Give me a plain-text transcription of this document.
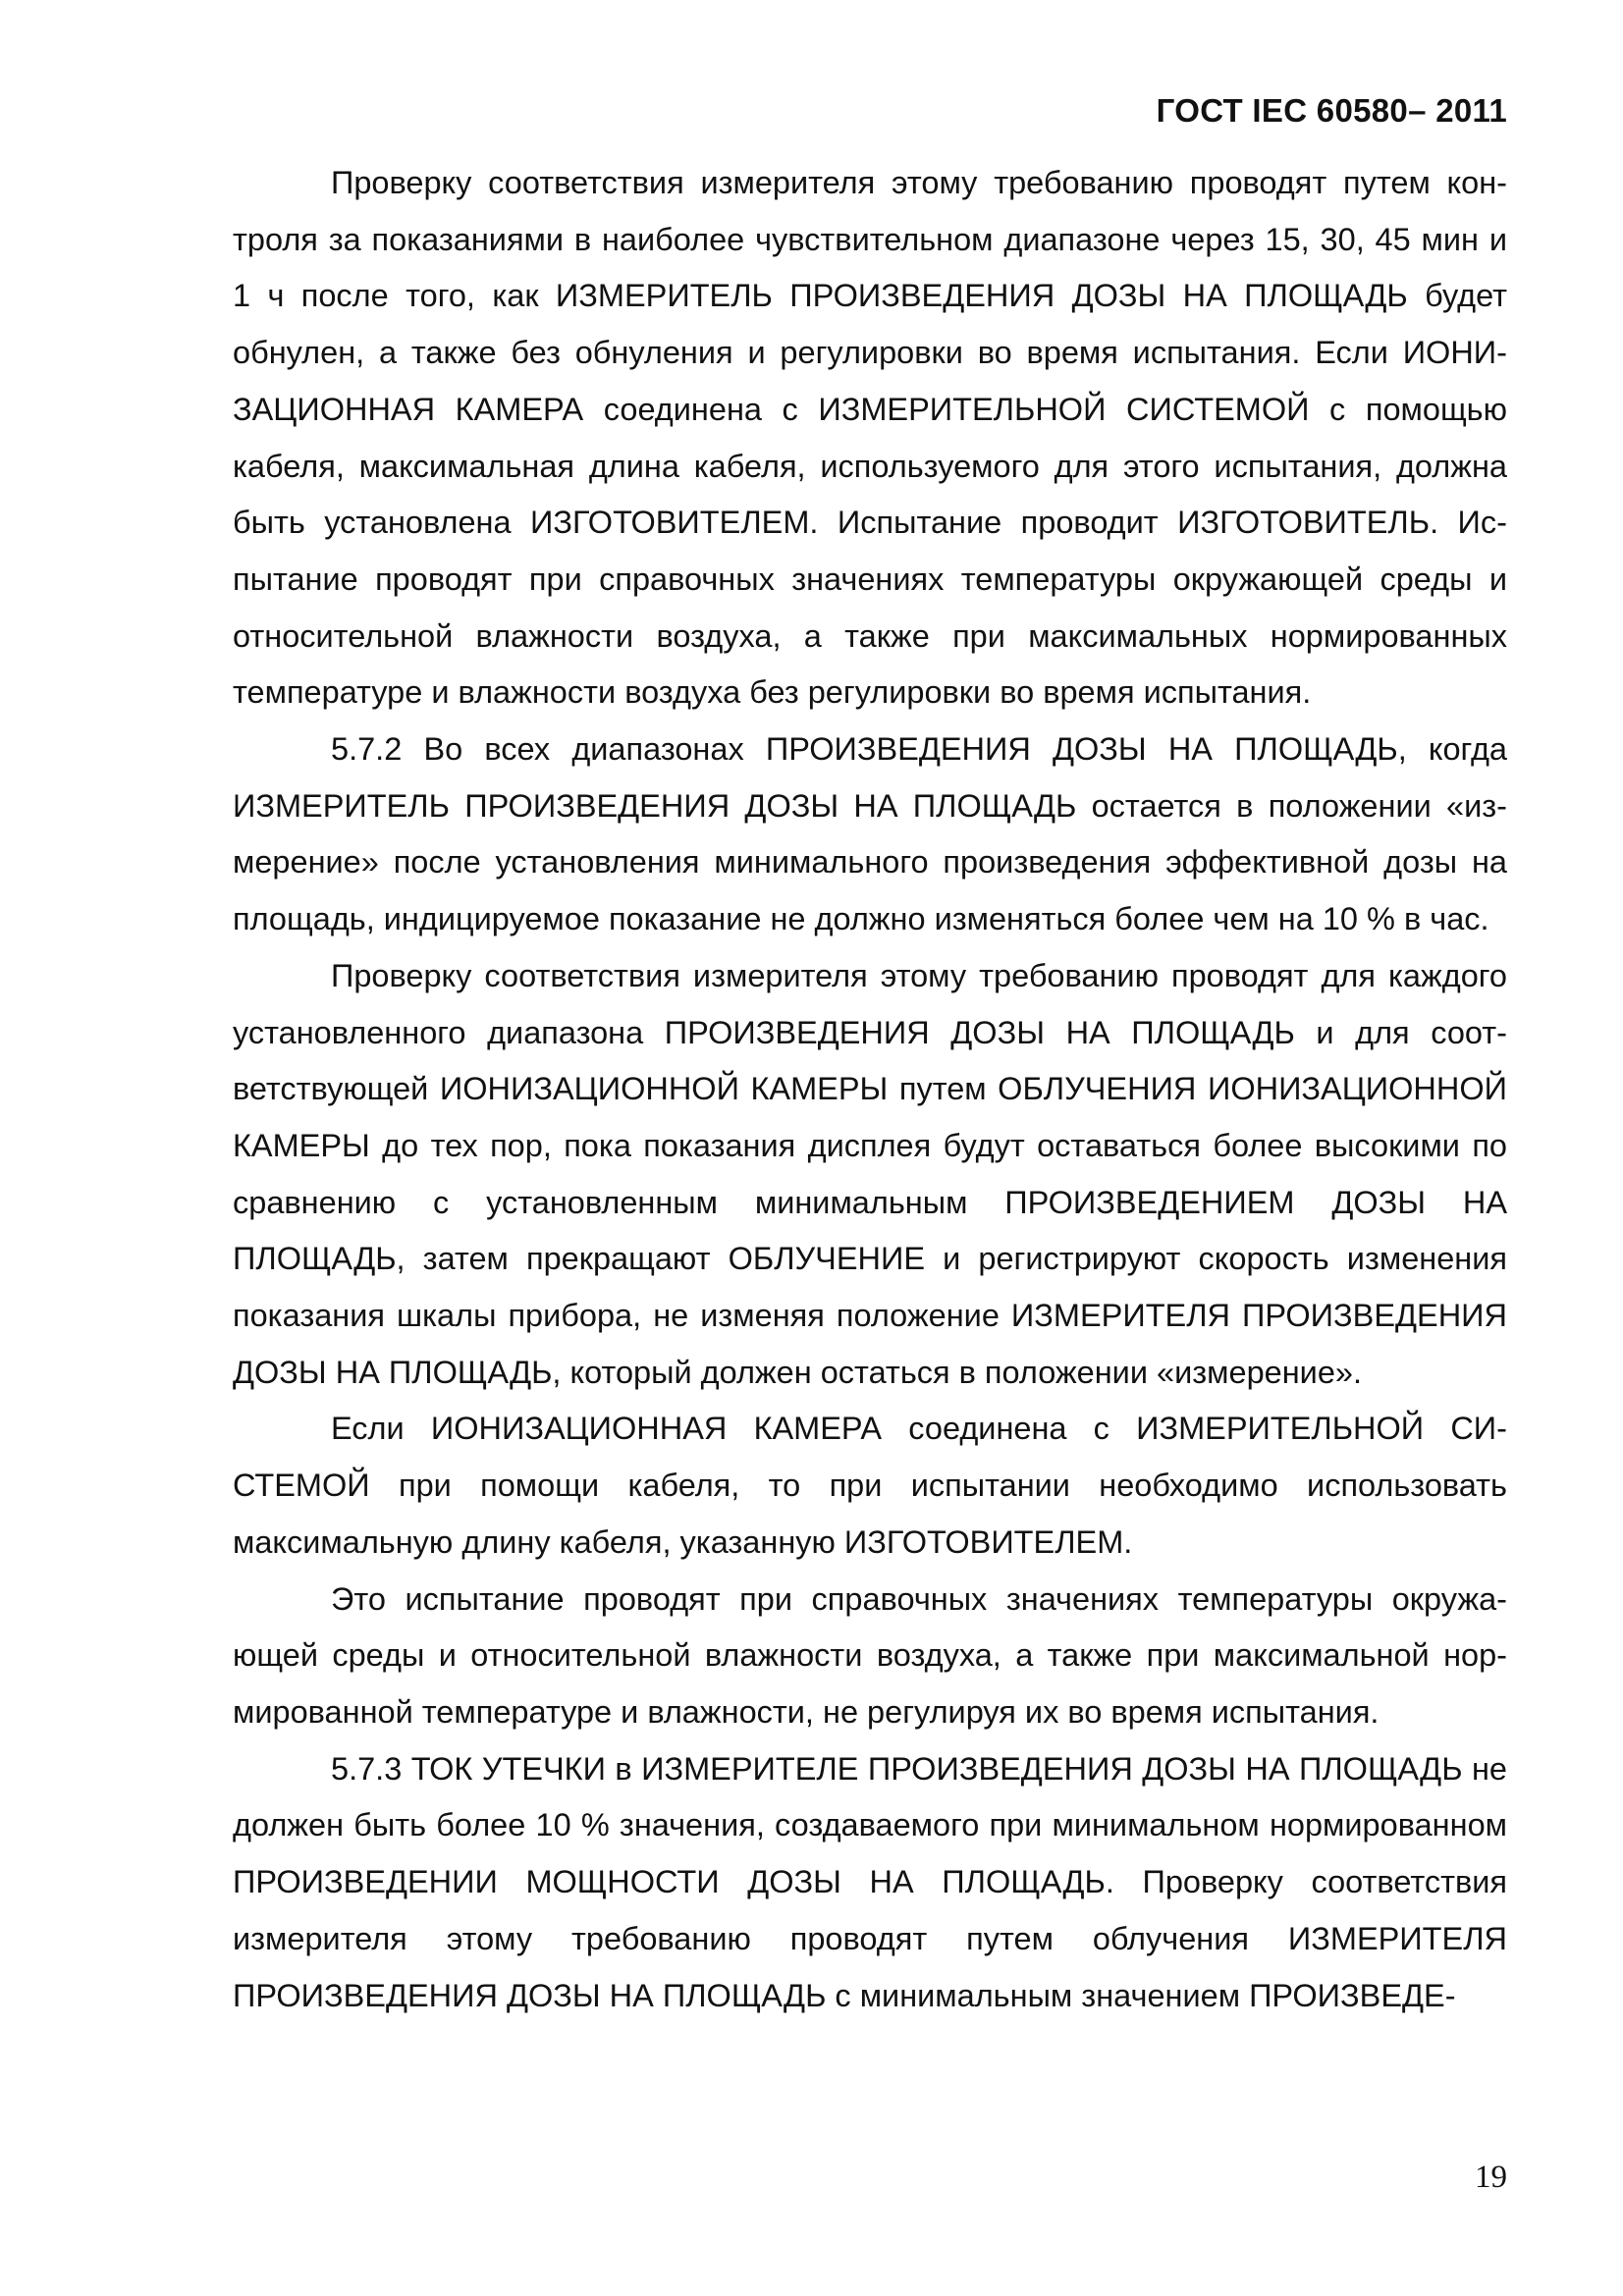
ГОСТ IEC 60580– 2011

Проверку соответствия измерителя этому требованию проводят путем контроля за показаниями в наиболее чувствительном диапазоне через 15, 30, 45 мин и 1 ч после того, как ИЗМЕРИТЕЛЬ ПРОИЗВЕДЕНИЯ ДОЗЫ НА ПЛОЩАДЬ будет обнулен, а также без обнуления и регулировки во время испытания. Если ИОНИЗАЦИОННАЯ КАМЕРА соединена с ИЗМЕРИТЕЛЬНОЙ СИСТЕМОЙ с помощью кабеля, максимальная длина кабеля, используемого для этого испытания, должна быть установлена ИЗГОТОВИТЕЛЕМ. Испытание проводит ИЗГОТОВИТЕЛЬ. Испытание проводят при справочных значениях температуры окружающей среды и относительной влажности воздуха, а также при максимальных нормированных температуре и влажности воздуха без регулировки во время испытания.

5.7.2 Во всех диапазонах ПРОИЗВЕДЕНИЯ ДОЗЫ НА ПЛОЩАДЬ, когда ИЗМЕРИТЕЛЬ ПРОИЗВЕДЕНИЯ ДОЗЫ НА ПЛОЩАДЬ остается в положении «измерение» после установления минимального произведения эффективной дозы на площадь, индицируемое показание не должно изменяться более чем на 10 % в час.

Проверку соответствия измерителя этому требованию проводят для каждого установленного диапазона ПРОИЗВЕДЕНИЯ ДОЗЫ НА ПЛОЩАДЬ и для соответствующей ИОНИЗАЦИОННОЙ КАМЕРЫ путем ОБЛУЧЕНИЯ ИОНИЗАЦИОННОЙ КАМЕРЫ до тех пор, пока показания дисплея будут оставаться более высокими по сравнению с установленным минимальным ПРОИЗВЕДЕНИЕМ ДОЗЫ НА ПЛОЩАДЬ, затем прекращают ОБЛУЧЕНИЕ и регистрируют скорость изменения показания шкалы прибора, не изменяя положение ИЗМЕРИТЕЛЯ ПРОИЗВЕДЕНИЯ ДОЗЫ НА ПЛОЩАДЬ, который должен остаться в положении «измерение».

Если ИОНИЗАЦИОННАЯ КАМЕРА соединена с ИЗМЕРИТЕЛЬНОЙ СИСТЕМОЙ при помощи кабеля, то при испытании необходимо использовать максимальную длину кабеля, указанную ИЗГОТОВИТЕЛЕМ.

Это испытание проводят при справочных значениях температуры окружающей среды и относительной влажности воздуха, а также при максимальной нормированной температуре и влажности, не регулируя их во время испытания.

5.7.3 ТОК УТЕЧКИ в ИЗМЕРИТЕЛЕ ПРОИЗВЕДЕНИЯ ДОЗЫ НА ПЛОЩАДЬ не должен быть более 10 % значения, создаваемого при минимальном нормированном ПРОИЗВЕДЕНИИ МОЩНОСТИ ДОЗЫ НА ПЛОЩАДЬ. Проверку соответствия измерителя этому требованию проводят путем облучения ИЗМЕРИТЕЛЯ ПРОИЗВЕДЕНИЯ ДОЗЫ НА ПЛОЩАДЬ с минимальным значением ПРОИЗВЕДЕ-

19
